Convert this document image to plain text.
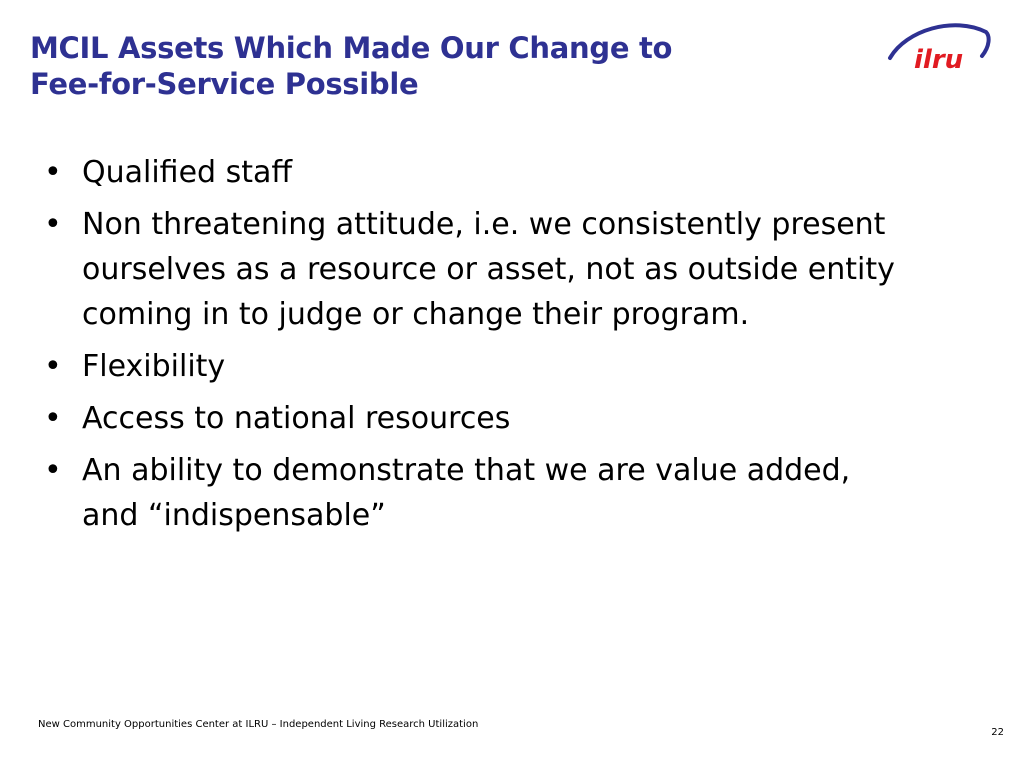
MCIL Assets Which Made Our Change to
Fee-for-Service Possible
ilru
• Qualified staff
• Non threatening attitude, i.e. we consistently present
ourselves as a resource or asset, not as outside entity
coming in to judge or change their program.
• Flexibility
• Access to national resources
• An ability to demonstrate that we are value added,
and “indispensable”
New Community Opportunities Center at ILRU – Independent Living Research Utilization
22
